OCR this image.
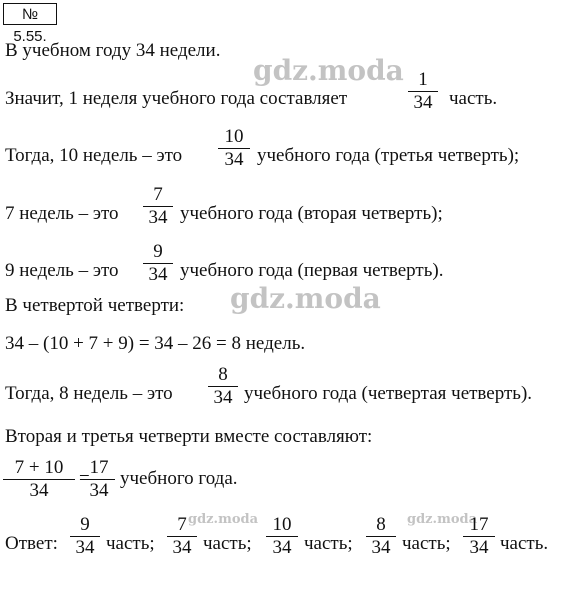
№ 5.55.
gdz.moda
gdz.moda
gdz.moda	gdz.moda
В учебном году 34 недели.
Значит, 1 неделя учебного года составляет
1
34 часть.
Тогда, 10 недель – это
10
34 учебного года (третья четверть);
7 недель – это
7
34 учебного года (вторая четверть);
9 недель – это
9
34 учебного года (первая четверть).
В четвертой четверти:
34 – (10 + 7 + 9) = 34 – 26 = 8 недель.
Тогда, 8 недель – это
8
34 учебного года (четвертая четверть).
Вторая и третья четверти вместе составляют:
7 + 10
34
=
17
34
учебного года.
Ответ:
9
34 часть;
7
34 часть;
10
34 часть;
8
34 часть;
17
34 часть.
